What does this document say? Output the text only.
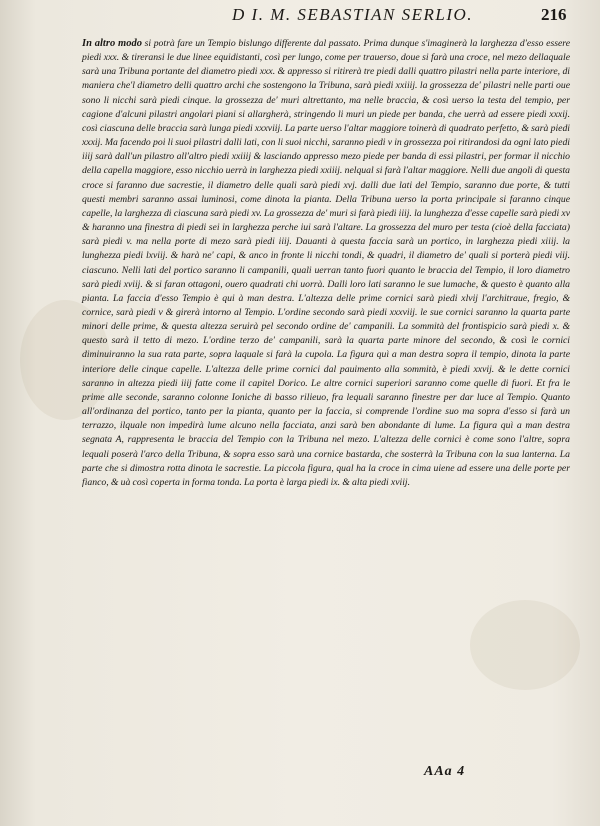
D I. M. SEBASTIAN SERLIO.	216
In altro modo si potrà fare un Tempio bislungo differente dal passato. Prima dunque s'imaginerà la larghezza d'esso essere piedi xxx. & tireransi le due linee equidistanti, così per lungo, come per trauerso, doue si farà una croce, nel mezo dellaquale sarà una Tribuna portante del diametro piedi xxx. & appresso si ritirerà tre piedi dalli quattro pilastri nella parte interiore, di maniera che'l diametro delli quattro archi che sostengono la Tribuna, sarà piedi xxiiij. la grossezza de' pilastri nelle parti oue sono li nicchi sarà piedi cinque. la grossezza de' muri altrettanto, ma nelle braccia, & così uerso la testa del tempio, per cagione d'alcuni pilastri angolari piani si allargherà, stringendo li muri un piede per banda, che uerrà ad essere piedi xxxij. così ciascuna delle braccia sarà lunga piedi xxxviij. La parte uerso l'altar maggiore toinerà di quadrato perfetto, & sarà piedi xxxij. Ma facendo poi li suoi pilastri dalli lati, con li suoi nicchi, saranno piedi v in grossezza poi ritirandosi da ogni lato piedi iiij sarà dall'un pilastro all'altro piedi xxiiij & lasciando appresso mezo piede per banda di essi pilastri, per formar il nicchio della capella maggiore, esso nicchio uerrà in larghezza piedi xxiiij. nelqual si farà l'altar maggiore. Nelli due angoli di questa croce si faranno due sacrestie, il diametro delle quali sarà piedi xvj. dalli due lati del Tempio, saranno due porte, & tutti questi membri saranno assai luminosi, come dinota la pianta. Della Tribuna uerso la porta principale si faranno cinque capelle, la larghezza di ciascuna sarà piedi xv. La grossezza de' muri si farà piedi iiij. la lunghezza d'esse capelle sarà piedi xv & haranno una finestra di piedi sei in larghezza perche iui sarà l'altare. La grossezza del muro per testa (cioè della facciata) sarà piedi v. ma nella porte di mezo sarà piedi iiij. Dauanti à questa faccia sarà un portico, in larghezza piedi xiiij. la lunghezza piedi lxviij. & harà ne' capi, & anco in fronte li nicchi tondi, & quadri, il diametro de' quali si porterà piedi viij. ciascuno. Nelli lati del portico saranno li campanili, quali uerran tanto fuori quanto le braccia del Tempio, il loro diametro sarà piedi xviij. & si faran ottagoni, ouero quadrati chi uorrà. Dalli loro lati saranno le sue lumache, & questo è quanto alla pianta. La faccia d'esso Tempio è qui à man destra. L'altezza delle prime cornici sarà piedi xlvij l'architraue, fregio, & cornice, sarà piedi v & girerà intorno al Tempio. L'ordine secondo sarà piedi xxxviij. le sue cornici saranno la quarta parte minori delle prime, & questa altezza seruirà pel secondo ordine de' campanili. La sommità del frontispicio sarà piedi x. & questo sarà il tetto di mezo. L'ordine terzo de' campanili, sarà la quarta parte minore del secondo, & così le cornici diminuiranno la sua rata parte, sopra laquale si farà la cupola. La figura quì a man destra sopra il tempio, dinota la parte interiore delle cinque capelle. L'altezza delle prime cornici dal pauimento alla sommità, è piedi xxvij. & le dette cornici saranno in altezza piedi iiij fatte come il capitel Dorico. Le altre cornici superiori saranno come quelle di fuori. Et fra le prime alle seconde, saranno colonne Ioniche di basso rilieuo, fra lequali saranno finestre per dar luce al Tempio. Quanto all'ordinanza del portico, tanto per la pianta, quanto per la faccia, si comprende l'ordine suo ma sopra d'esso si farà un terrazzo, ilquale non impedirà lume alcuno nella facciata, anzi sarà ben abondante di lume. La figura quì a man destra segnata A, rappresenta le braccia del Tempio con la Tribuna nel mezo. L'altezza delle cornici è come sono l'altre, sopra lequali poserà l'arco della Tribuna, & sopra esso sarà una cornice bastarda, che sosterrà la Tribuna con la sua lanterna. La parte che si dimostra rotta dinota le sacrestie. La piccola figura, qual ha la croce in cima uiene ad essere una delle porte per fianco, & uà così coperta in forma tonda. La porta è larga piedi ix. & alta piedi xviij.
AAa 4
